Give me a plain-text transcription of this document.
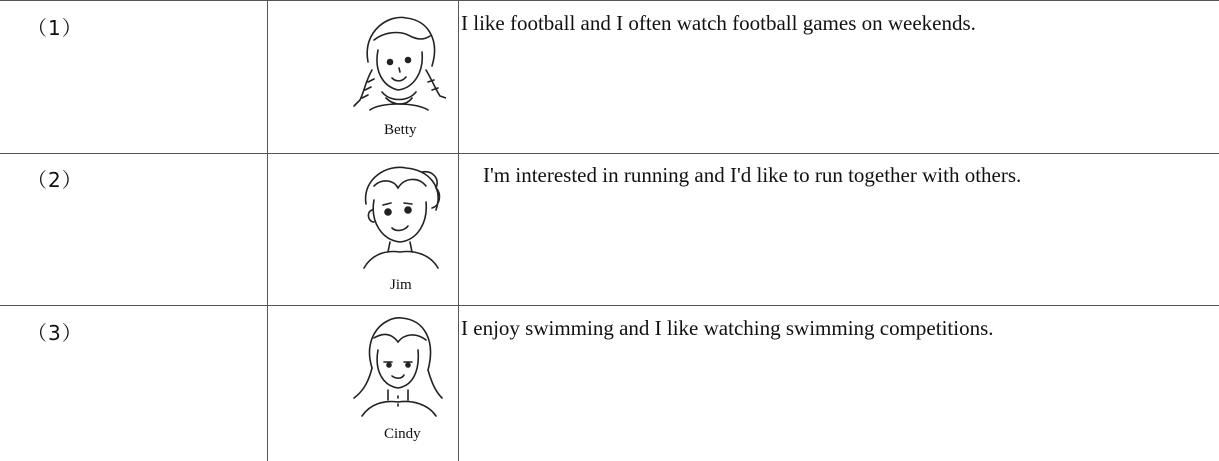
（1）
Betty
I like football and I often watch football games on weekends.
（2）
Jim
I'm interested in running and I'd like to run together with others.
（3）
Cindy
I enjoy swimming and I like watching swimming competitions.
